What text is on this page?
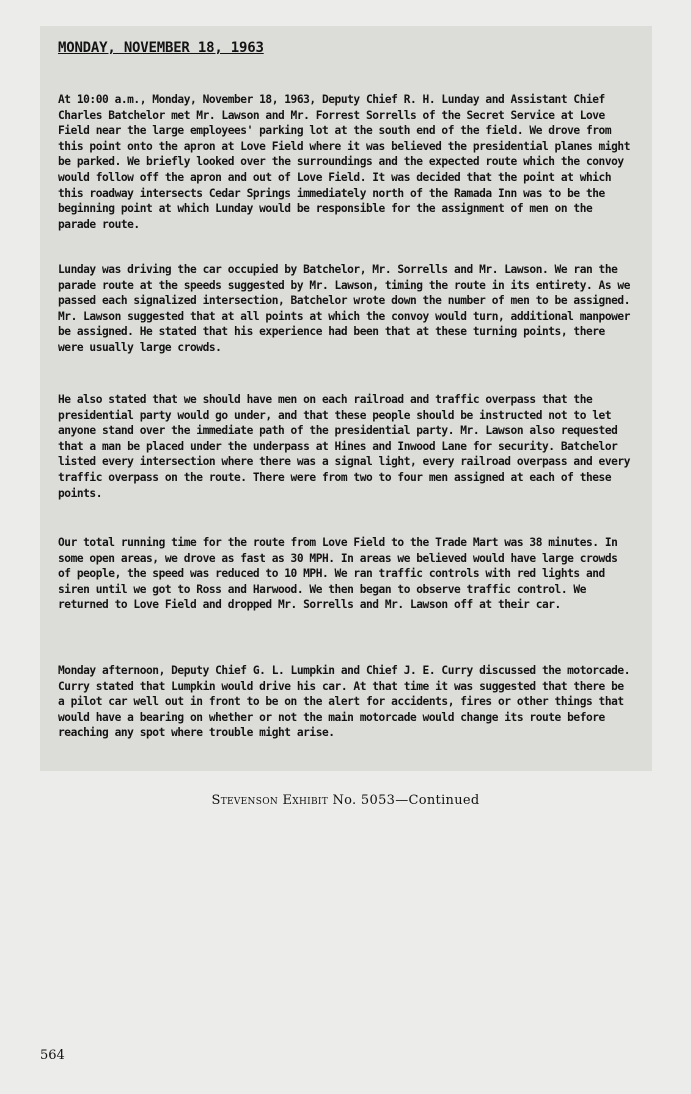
MONDAY, NOVEMBER 18, 1963

At 10:00 a.m., Monday, November 18, 1963, Deputy Chief R. H. Lunday and Assistant Chief Charles Batchelor met Mr. Lawson and Mr. Forrest Sorrells of the Secret Service at Love Field near the large employees' parking lot at the south end of the field. We drove from this point onto the apron at Love Field where it was believed the presidential planes might be parked. We briefly looked over the surroundings and the expected route which the convoy would follow off the apron and out of Love Field. It was decided that the point at which this roadway intersects Cedar Springs immediately north of the Ramada Inn was to be the beginning point at which Lunday would be responsible for the assignment of men on the parade route.

Lunday was driving the car occupied by Batchelor, Mr. Sorrells and Mr. Lawson. We ran the parade route at the speeds suggested by Mr. Lawson, timing the route in its entirety. As we passed each signalized intersection, Batchelor wrote down the number of men to be assigned. Mr. Lawson suggested that at all points at which the convoy would turn, additional manpower be assigned. He stated that his experience had been that at these turning points, there were usually large crowds.

He also stated that we should have men on each railroad and traffic overpass that the presidential party would go under, and that these people should be instructed not to let anyone stand over the immediate path of the presidential party. Mr. Lawson also requested that a man be placed under the underpass at Hines and Inwood Lane for security. Batchelor listed every intersection where there was a signal light, every railroad overpass and every traffic overpass on the route. There were from two to four men assigned at each of these points.

Our total running time for the route from Love Field to the Trade Mart was 38 minutes. In some open areas, we drove as fast as 30 MPH. In areas we believed would have large crowds of people, the speed was reduced to 10 MPH. We ran traffic controls with red lights and siren until we got to Ross and Harwood. We then began to observe traffic control. We returned to Love Field and dropped Mr. Sorrells and Mr. Lawson off at their car.

Monday afternoon, Deputy Chief G. L. Lumpkin and Chief J. E. Curry discussed the motorcade. Curry stated that Lumpkin would drive his car. At that time it was suggested that there be a pilot car well out in front to be on the alert for accidents, fires or other things that would have a bearing on whether or not the main motorcade would change its route before reaching any spot where trouble might arise.

Stevenson Exhibit No. 5053—Continued
564
